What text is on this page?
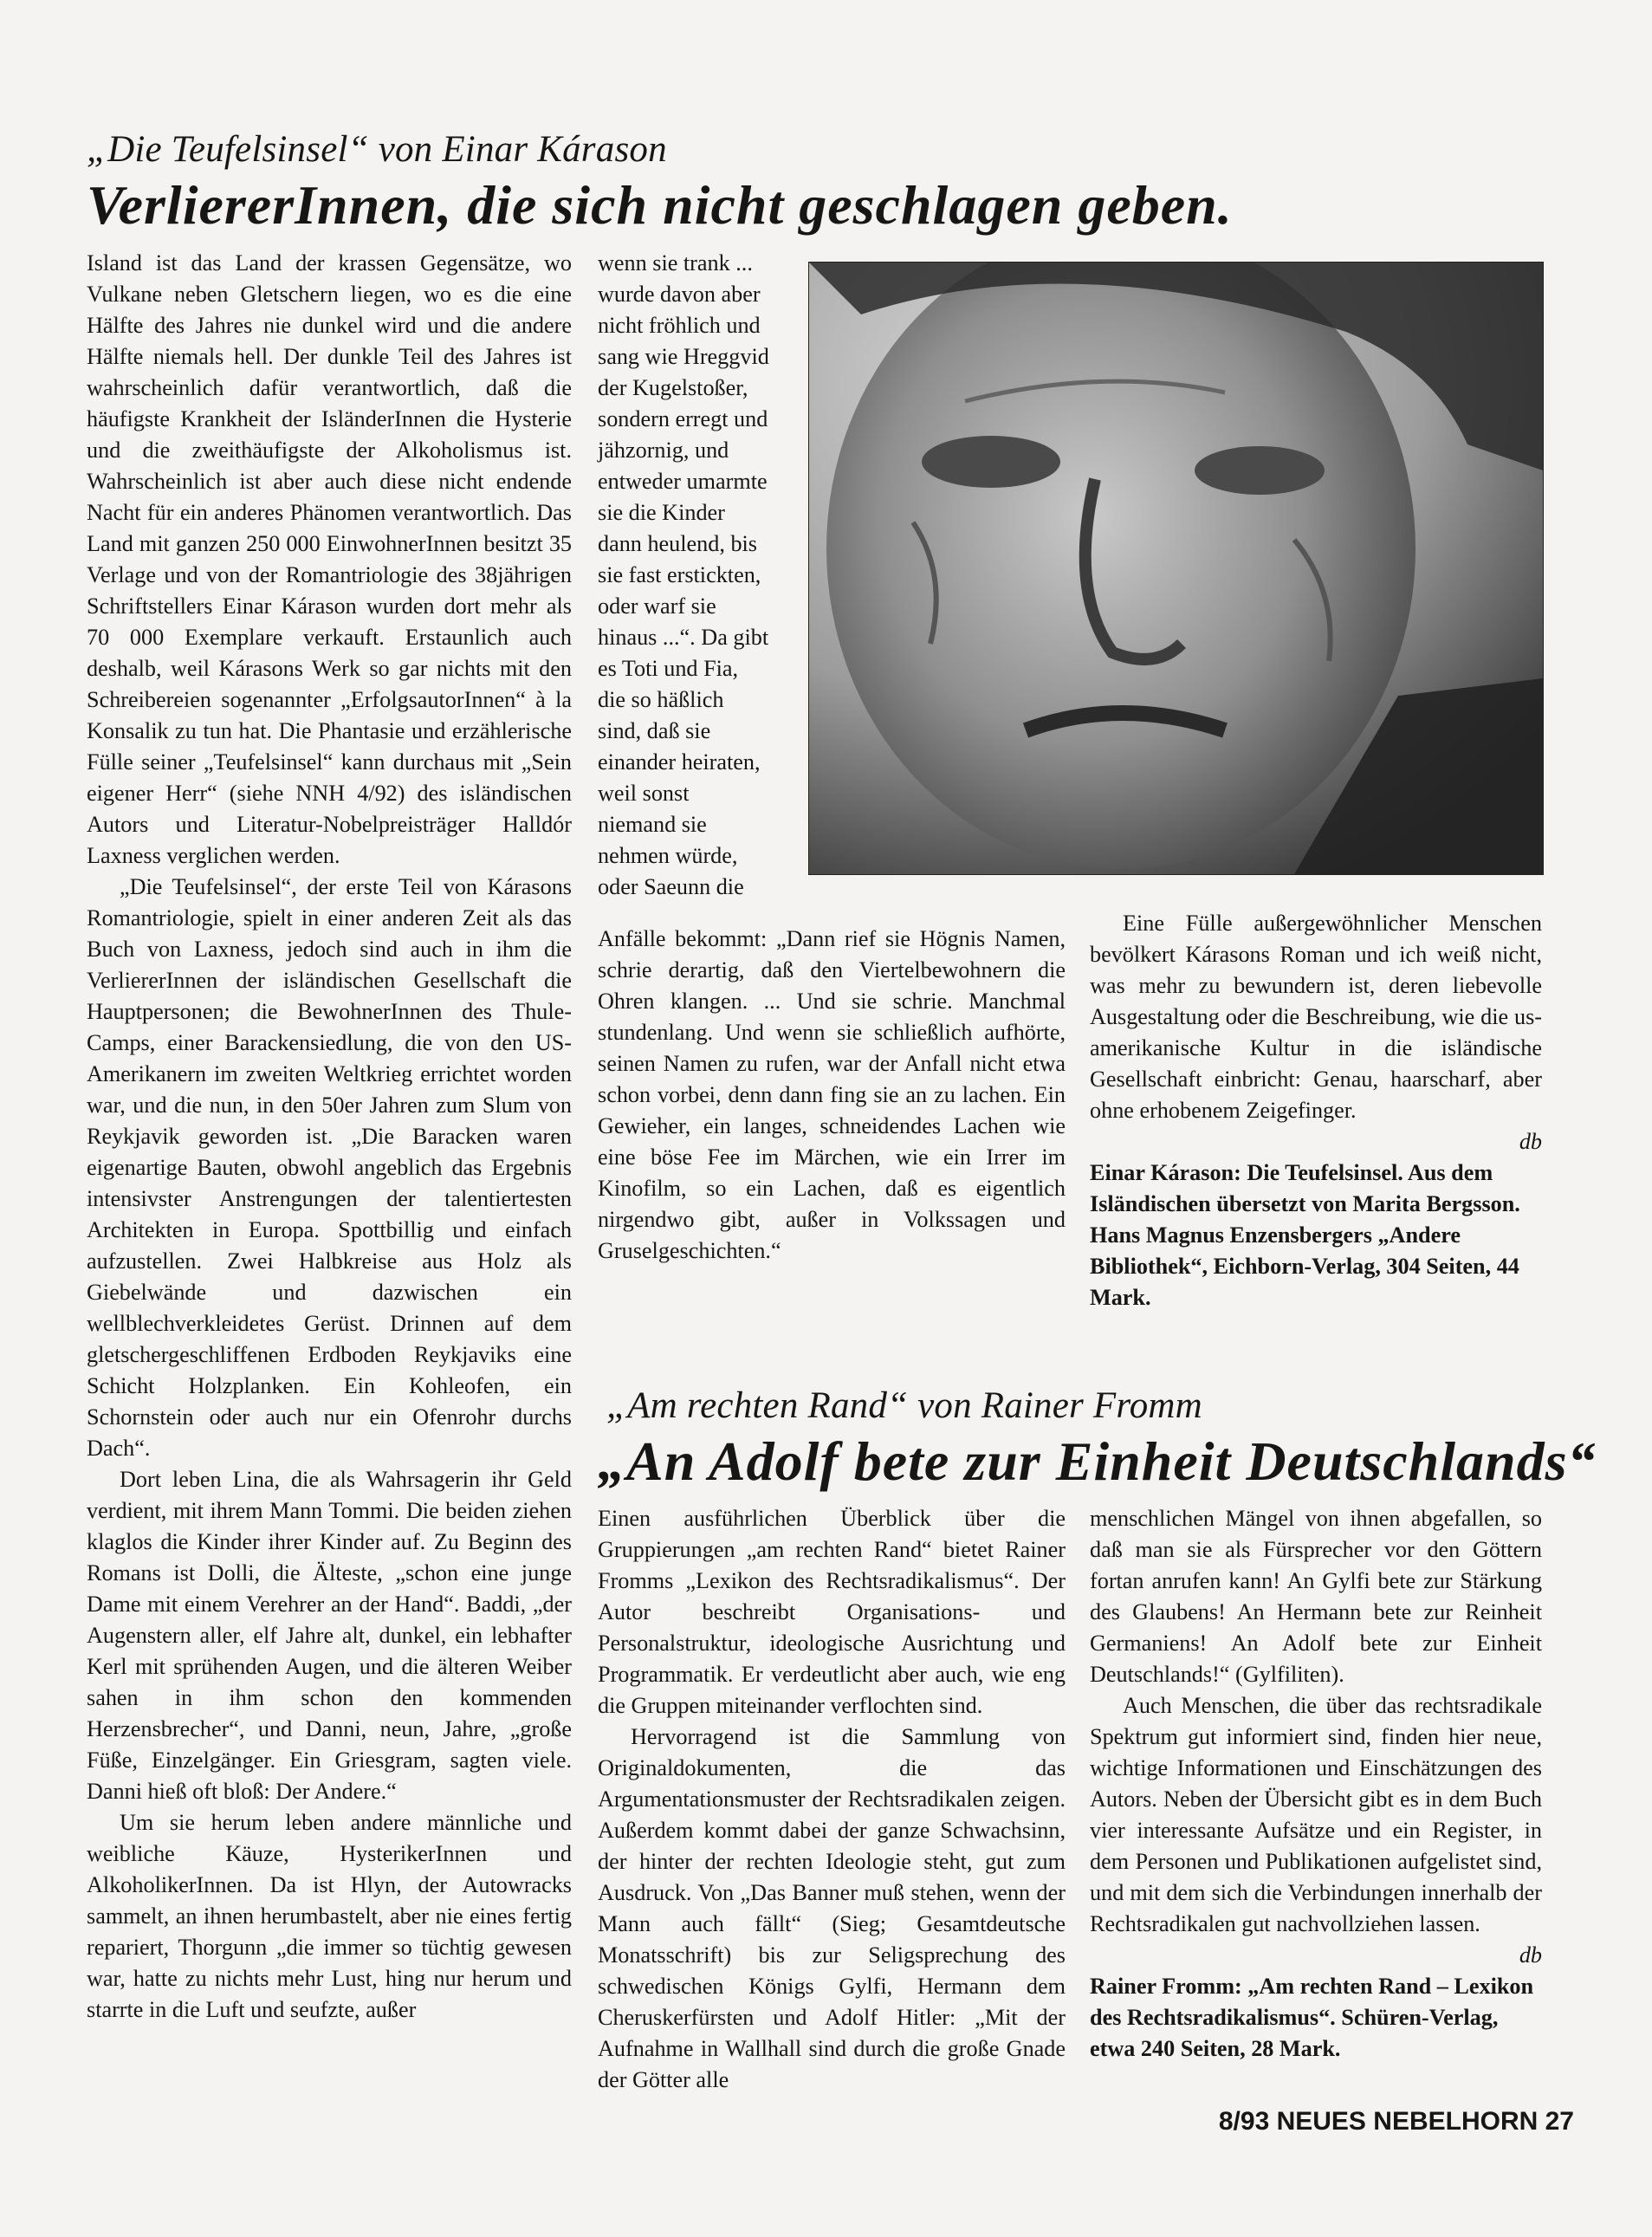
„Die Teufelsinsel“ von Einar Kárason
VerliererInnen, die sich nicht geschlagen geben.

Island ist das Land der krassen Gegensätze, wo Vulkane neben Gletschern liegen, wo es die eine Hälfte des Jahres nie dunkel wird und die andere Hälfte niemals hell. Der dunkle Teil des Jahres ist wahrscheinlich dafür verantwortlich, daß die häufigste Krankheit der IsländerInnen die Hysterie und die zweithäufigste der Alkoholismus ist. Wahrscheinlich ist aber auch diese nicht endende Nacht für ein anderes Phänomen verantwortlich. Das Land mit ganzen 250 000 EinwohnerInnen besitzt 35 Verlage und von der Romantriologie des 38jährigen Schriftstellers Einar Kárason wurden dort mehr als 70 000 Exemplare verkauft. Erstaunlich auch deshalb, weil Kárasons Werk so gar nichts mit den Schreibereien sogenannter „ErfolgsautorInnen“ à la Konsalik zu tun hat. Die Phantasie und erzählerische Fülle seiner „Teufelsinsel“ kann durchaus mit „Sein eigener Herr“ (siehe NNH 4/92) des isländischen Autors und Literatur-Nobelpreisträger Halldór Laxness verglichen werden.

„Die Teufelsinsel“, der erste Teil von Kárasons Romantriologie, spielt in einer anderen Zeit als das Buch von Laxness, jedoch sind auch in ihm die VerliererInnen der isländischen Gesellschaft die Hauptpersonen; die BewohnerInnen des Thule-Camps, einer Barackensiedlung, die von den US-Amerikanern im zweiten Weltkrieg errichtet worden war, und die nun, in den 50er Jahren zum Slum von Reykjavik geworden ist. „Die Baracken waren eigenartige Bauten, obwohl angeblich das Ergebnis intensivster Anstrengungen der talentiertesten Architekten in Europa. Spottbillig und einfach aufzustellen. Zwei Halbkreise aus Holz als Giebelwände und dazwischen ein wellblechverkleidetes Gerüst. Drinnen auf dem gletschergeschliffenen Erdboden Reykjaviks eine Schicht Holzplanken. Ein Kohleofen, ein Schornstein oder auch nur ein Ofenrohr durchs Dach“.

Dort leben Lina, die als Wahrsagerin ihr Geld verdient, mit ihrem Mann Tommi. Die beiden ziehen klaglos die Kinder ihrer Kinder auf. Zu Beginn des Romans ist Dolli, die Älteste, „schon eine junge Dame mit einem Verehrer an der Hand“. Baddi, „der Augenstern aller, elf Jahre alt, dunkel, ein lebhafter Kerl mit sprühenden Augen, und die älteren Weiber sahen in ihm schon den kommenden Herzensbrecher“, und Danni, neun, Jahre, „große Füße, Einzelgänger. Ein Griesgram, sagten viele. Danni hieß oft bloß: Der Andere.“

Um sie herum leben andere männliche und weibliche Käuze, HysterikerInnen und AlkoholikerInnen. Da ist Hlyn, der Autowracks sammelt, an ihnen herumbastelt, aber nie eines fertig repariert, Thorgunn „die immer so tüchtig gewesen war, hatte zu nichts mehr Lust, hing nur herum und starrte in die Luft und seufzte, außer

wenn sie trank ... wurde davon aber nicht fröhlich und sang wie Hreggvid der Kugelstoßer, sondern erregt und jähzornig, und entweder umarmte sie die Kinder dann heulend, bis sie fast erstickten, oder warf sie hinaus ...“. Da gibt es Toti und Fia, die so häßlich sind, daß sie einander heiraten, weil sonst niemand sie nehmen würde, oder Saeunn die

Anfälle bekommt: „Dann rief sie Högnis Namen, schrie derartig, daß den Viertelbewohnern die Ohren klangen. ... Und sie schrie. Manchmal stundenlang. Und wenn sie schließlich aufhörte, seinen Namen zu rufen, war der Anfall nicht etwa schon vorbei, denn dann fing sie an zu lachen. Ein Gewieher, ein langes, schneidendes Lachen wie eine böse Fee im Märchen, wie ein Irrer im Kinofilm, so ein Lachen, daß es eigentlich nirgendwo gibt, außer in Volkssagen und Gruselgeschichten.“

Eine Fülle außergewöhnlicher Menschen bevölkert Kárasons Roman und ich weiß nicht, was mehr zu bewundern ist, deren liebevolle Ausgestaltung oder die Beschreibung, wie die us-amerikanische Kultur in die isländische Gesellschaft einbricht: Genau, haarscharf, aber ohne erhobenem Zeigefinger.

db

Einar Kárason: Die Teufelsinsel. Aus dem Isländischen übersetzt von Marita Bergsson. Hans Magnus Enzensbergers „Andere Bibliothek“, Eichborn-Verlag, 304 Seiten, 44 Mark.

„Am rechten Rand“ von Rainer Fromm
„An Adolf bete zur Einheit Deutschlands“

Einen ausführlichen Überblick über die Gruppierungen „am rechten Rand“ bietet Rainer Fromms „Lexikon des Rechtsradikalismus“. Der Autor beschreibt Organisations- und Personalstruktur, ideologische Ausrichtung und Programmatik. Er verdeutlicht aber auch, wie eng die Gruppen miteinander verflochten sind.

Hervorragend ist die Sammlung von Originaldokumenten, die das Argumentationsmuster der Rechtsradikalen zeigen. Außerdem kommt dabei der ganze Schwachsinn, der hinter der rechten Ideologie steht, gut zum Ausdruck. Von „Das Banner muß stehen, wenn der Mann auch fällt“ (Sieg; Gesamtdeutsche Monatsschrift) bis zur Seligsprechung des schwedischen Königs Gylfi, Hermann dem Cheruskerfürsten und Adolf Hitler: „Mit der Aufnahme in Wallhall sind durch die große Gnade der Götter alle

menschlichen Mängel von ihnen abgefallen, so daß man sie als Fürsprecher vor den Göttern fortan anrufen kann! An Gylfi bete zur Stärkung des Glaubens! An Hermann bete zur Reinheit Germaniens! An Adolf bete zur Einheit Deutschlands!“ (Gylfiliten).

Auch Menschen, die über das rechtsradikale Spektrum gut informiert sind, finden hier neue, wichtige Informationen und Einschätzungen des Autors. Neben der Übersicht gibt es in dem Buch vier interessante Aufsätze und ein Register, in dem Personen und Publikationen aufgelistet sind, und mit dem sich die Verbindungen innerhalb der Rechtsradikalen gut nachvollziehen lassen.

db

Rainer Fromm: „Am rechten Rand – Lexikon des Rechtsradikalismus“. Schüren-Verlag, etwa 240 Seiten, 28 Mark.

8/93 NEUES NEBELHORN 27
